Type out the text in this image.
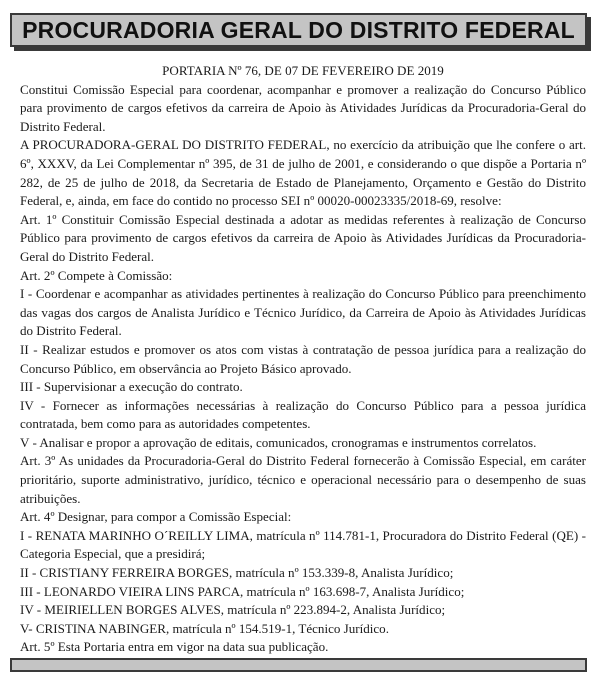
PROCURADORIA GERAL DO DISTRITO FEDERAL

PORTARIA Nº 76, DE 07 DE FEVEREIRO DE 2019

Constitui Comissão Especial para coordenar, acompanhar e promover a realização do Concurso Público para provimento de cargos efetivos da carreira de Apoio às Atividades Jurídicas da Procuradoria-Geral do Distrito Federal.

A PROCURADORA-GERAL DO DISTRITO FEDERAL, no exercício da atribuição que lhe confere o art. 6º, XXXV, da Lei Complementar nº 395, de 31 de julho de 2001, e considerando o que dispõe a Portaria nº 282, de 25 de julho de 2018, da Secretaria de Estado de Planejamento, Orçamento e Gestão do Distrito Federal, e, ainda, em face do contido no processo SEI nº 00020-00023335/2018-69, resolve:

Art. 1º Constituir Comissão Especial destinada a adotar as medidas referentes à realização de Concurso Público para provimento de cargos efetivos da carreira de Apoio às Atividades Jurídicas da Procuradoria-Geral do Distrito Federal.

Art. 2º Compete à Comissão:

I - Coordenar e acompanhar as atividades pertinentes à realização do Concurso Público para preenchimento das vagas dos cargos de Analista Jurídico e Técnico Jurídico, da Carreira de Apoio às Atividades Jurídicas do Distrito Federal.

II - Realizar estudos e promover os atos com vistas à contratação de pessoa jurídica para a realização do Concurso Público, em observância ao Projeto Básico aprovado.

III - Supervisionar a execução do contrato.

IV - Fornecer as informações necessárias à realização do Concurso Público para a pessoa jurídica contratada, bem como para as autoridades competentes.

V - Analisar e propor a aprovação de editais, comunicados, cronogramas e instrumentos correlatos.

Art. 3º As unidades da Procuradoria-Geral do Distrito Federal fornecerão à Comissão Especial, em caráter prioritário, suporte administrativo, jurídico, técnico e operacional necessário para o desempenho de suas atribuições.

Art. 4º Designar, para compor a Comissão Especial:

I - RENATA MARINHO O´REILLY LIMA, matrícula nº 114.781-1, Procuradora do Distrito Federal (QE) - Categoria Especial, que a presidirá;

II - CRISTIANY FERREIRA BORGES, matrícula nº 153.339-8, Analista Jurídico;

III - LEONARDO VIEIRA LINS PARCA, matrícula nº 163.698-7, Analista Jurídico;

IV - MEIRIELLEN BORGES ALVES, matrícula nº 223.894-2, Analista Jurídico;

V- CRISTINA NABINGER, matrícula nº 154.519-1, Técnico Jurídico.

Art. 5º Esta Portaria entra em vigor na data sua publicação.
